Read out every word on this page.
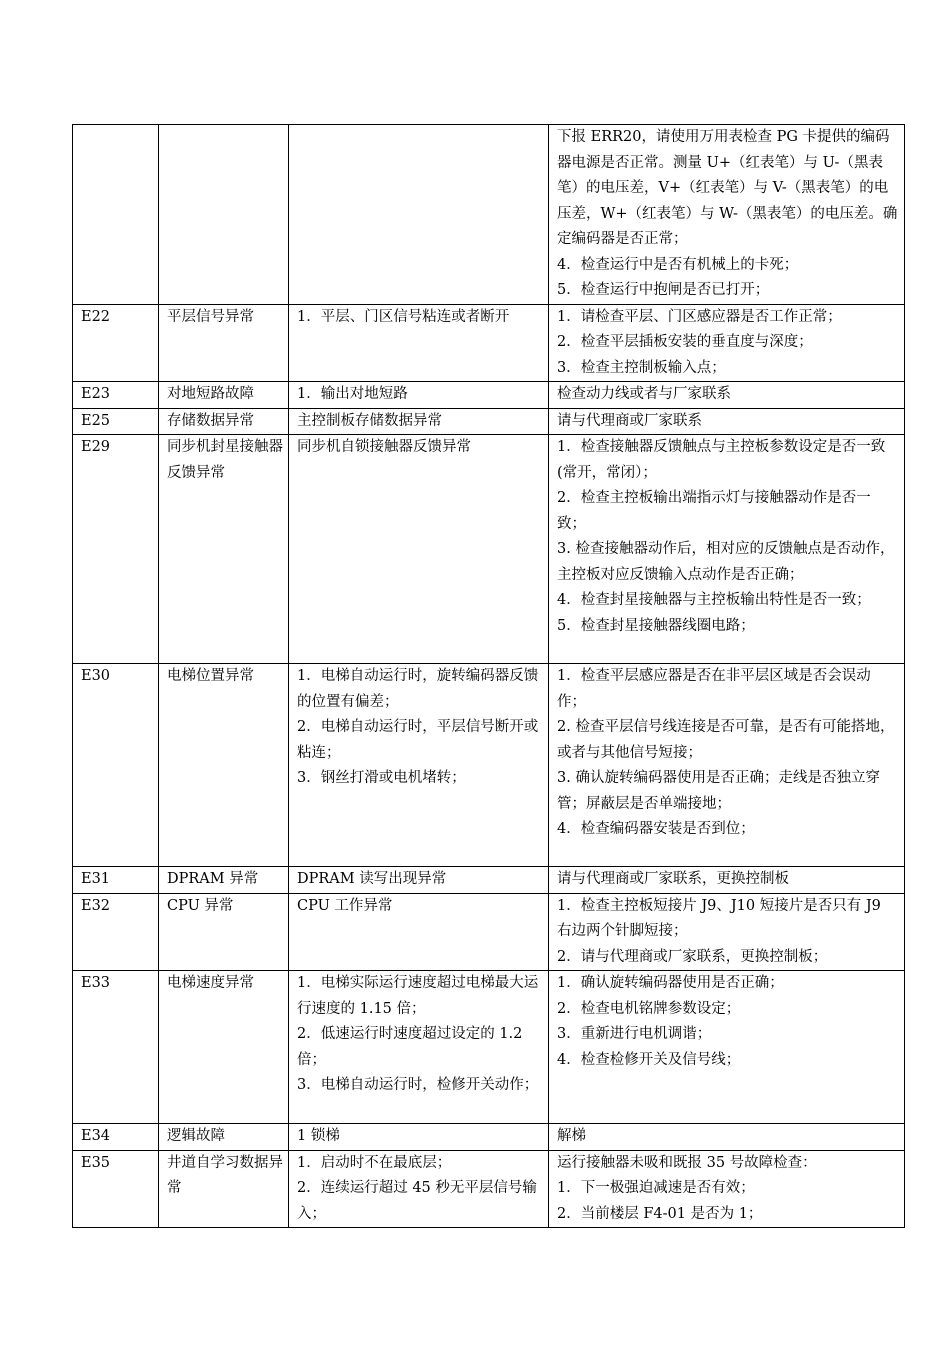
			下报 ERR20，请使用万用表检查 PG 卡提供的编码器电源是否正常。测量 U+（红表笔）与 U-（黑表笔）的电压差，V+（红表笔）与 V-（黑表笔）的电压差，W+（红表笔）与 W-（黑表笔）的电压差。确定编码器是否正常；
4．检查运行中是否有机械上的卡死；
5．检查运行中抱闸是否已打开；

E22	平层信号异常	1．平层、门区信号粘连或者断开	1．请检查平层、门区感应器是否工作正常；
2．检查平层插板安装的垂直度与深度；
3．检查主控制板输入点；

E23	对地短路故障	1．输出对地短路	检查动力线或者与厂家联系

E25	存储数据异常	主控制板存储数据异常	请与代理商或厂家联系

E29	同步机封星接触器反馈异常	同步机自锁接触器反馈异常	1．检查接触器反馈触点与主控板参数设定是否一致(常开，常闭）；
2．检查主控板输出端指示灯与接触器动作是否一致；
3. 检查接触器动作后，相对应的反馈触点是否动作，主控板对应反馈输入点动作是否正确；
4．检查封星接触器与主控板输出特性是否一致；
5．检查封星接触器线圈电路；

E30	电梯位置异常	1．电梯自动运行时，旋转编码器反馈的位置有偏差；
2．电梯自动运行时，平层信号断开或粘连；
3．钢丝打滑或电机堵转；	1．检查平层感应器是否在非平层区域是否会误动作；
2. 检查平层信号线连接是否可靠，是否有可能搭地，或者与其他信号短接；
3. 确认旋转编码器使用是否正确；走线是否独立穿管；屏蔽层是否单端接地；
4．检查编码器安装是否到位；

E31	DPRAM 异常	DPRAM 读写出现异常	请与代理商或厂家联系，更换控制板

E32	CPU 异常	CPU 工作异常	1．检查主控板短接片 J9、J10 短接片是否只有 J9 右边两个针脚短接；
2．请与代理商或厂家联系，更换控制板；

E33	电梯速度异常	1．电梯实际运行速度超过电梯最大运行速度的 1.15 倍；
2．低速运行时速度超过设定的 1.2 倍；
3．电梯自动运行时，检修开关动作；	1．确认旋转编码器使用是否正确；
2．检查电机铭牌参数设定；
3．重新进行电机调谐；
4．检查检修开关及信号线；

E34	逻辑故障	1 锁梯	解梯

E35	井道自学习数据异常	1．启动时不在最底层；
2．连续运行超过 45 秒无平层信号输入；	运行接触器未吸和既报 35 号故障检查：
1．下一极强迫减速是否有效；
2．当前楼层 F4-01 是否为 1；
